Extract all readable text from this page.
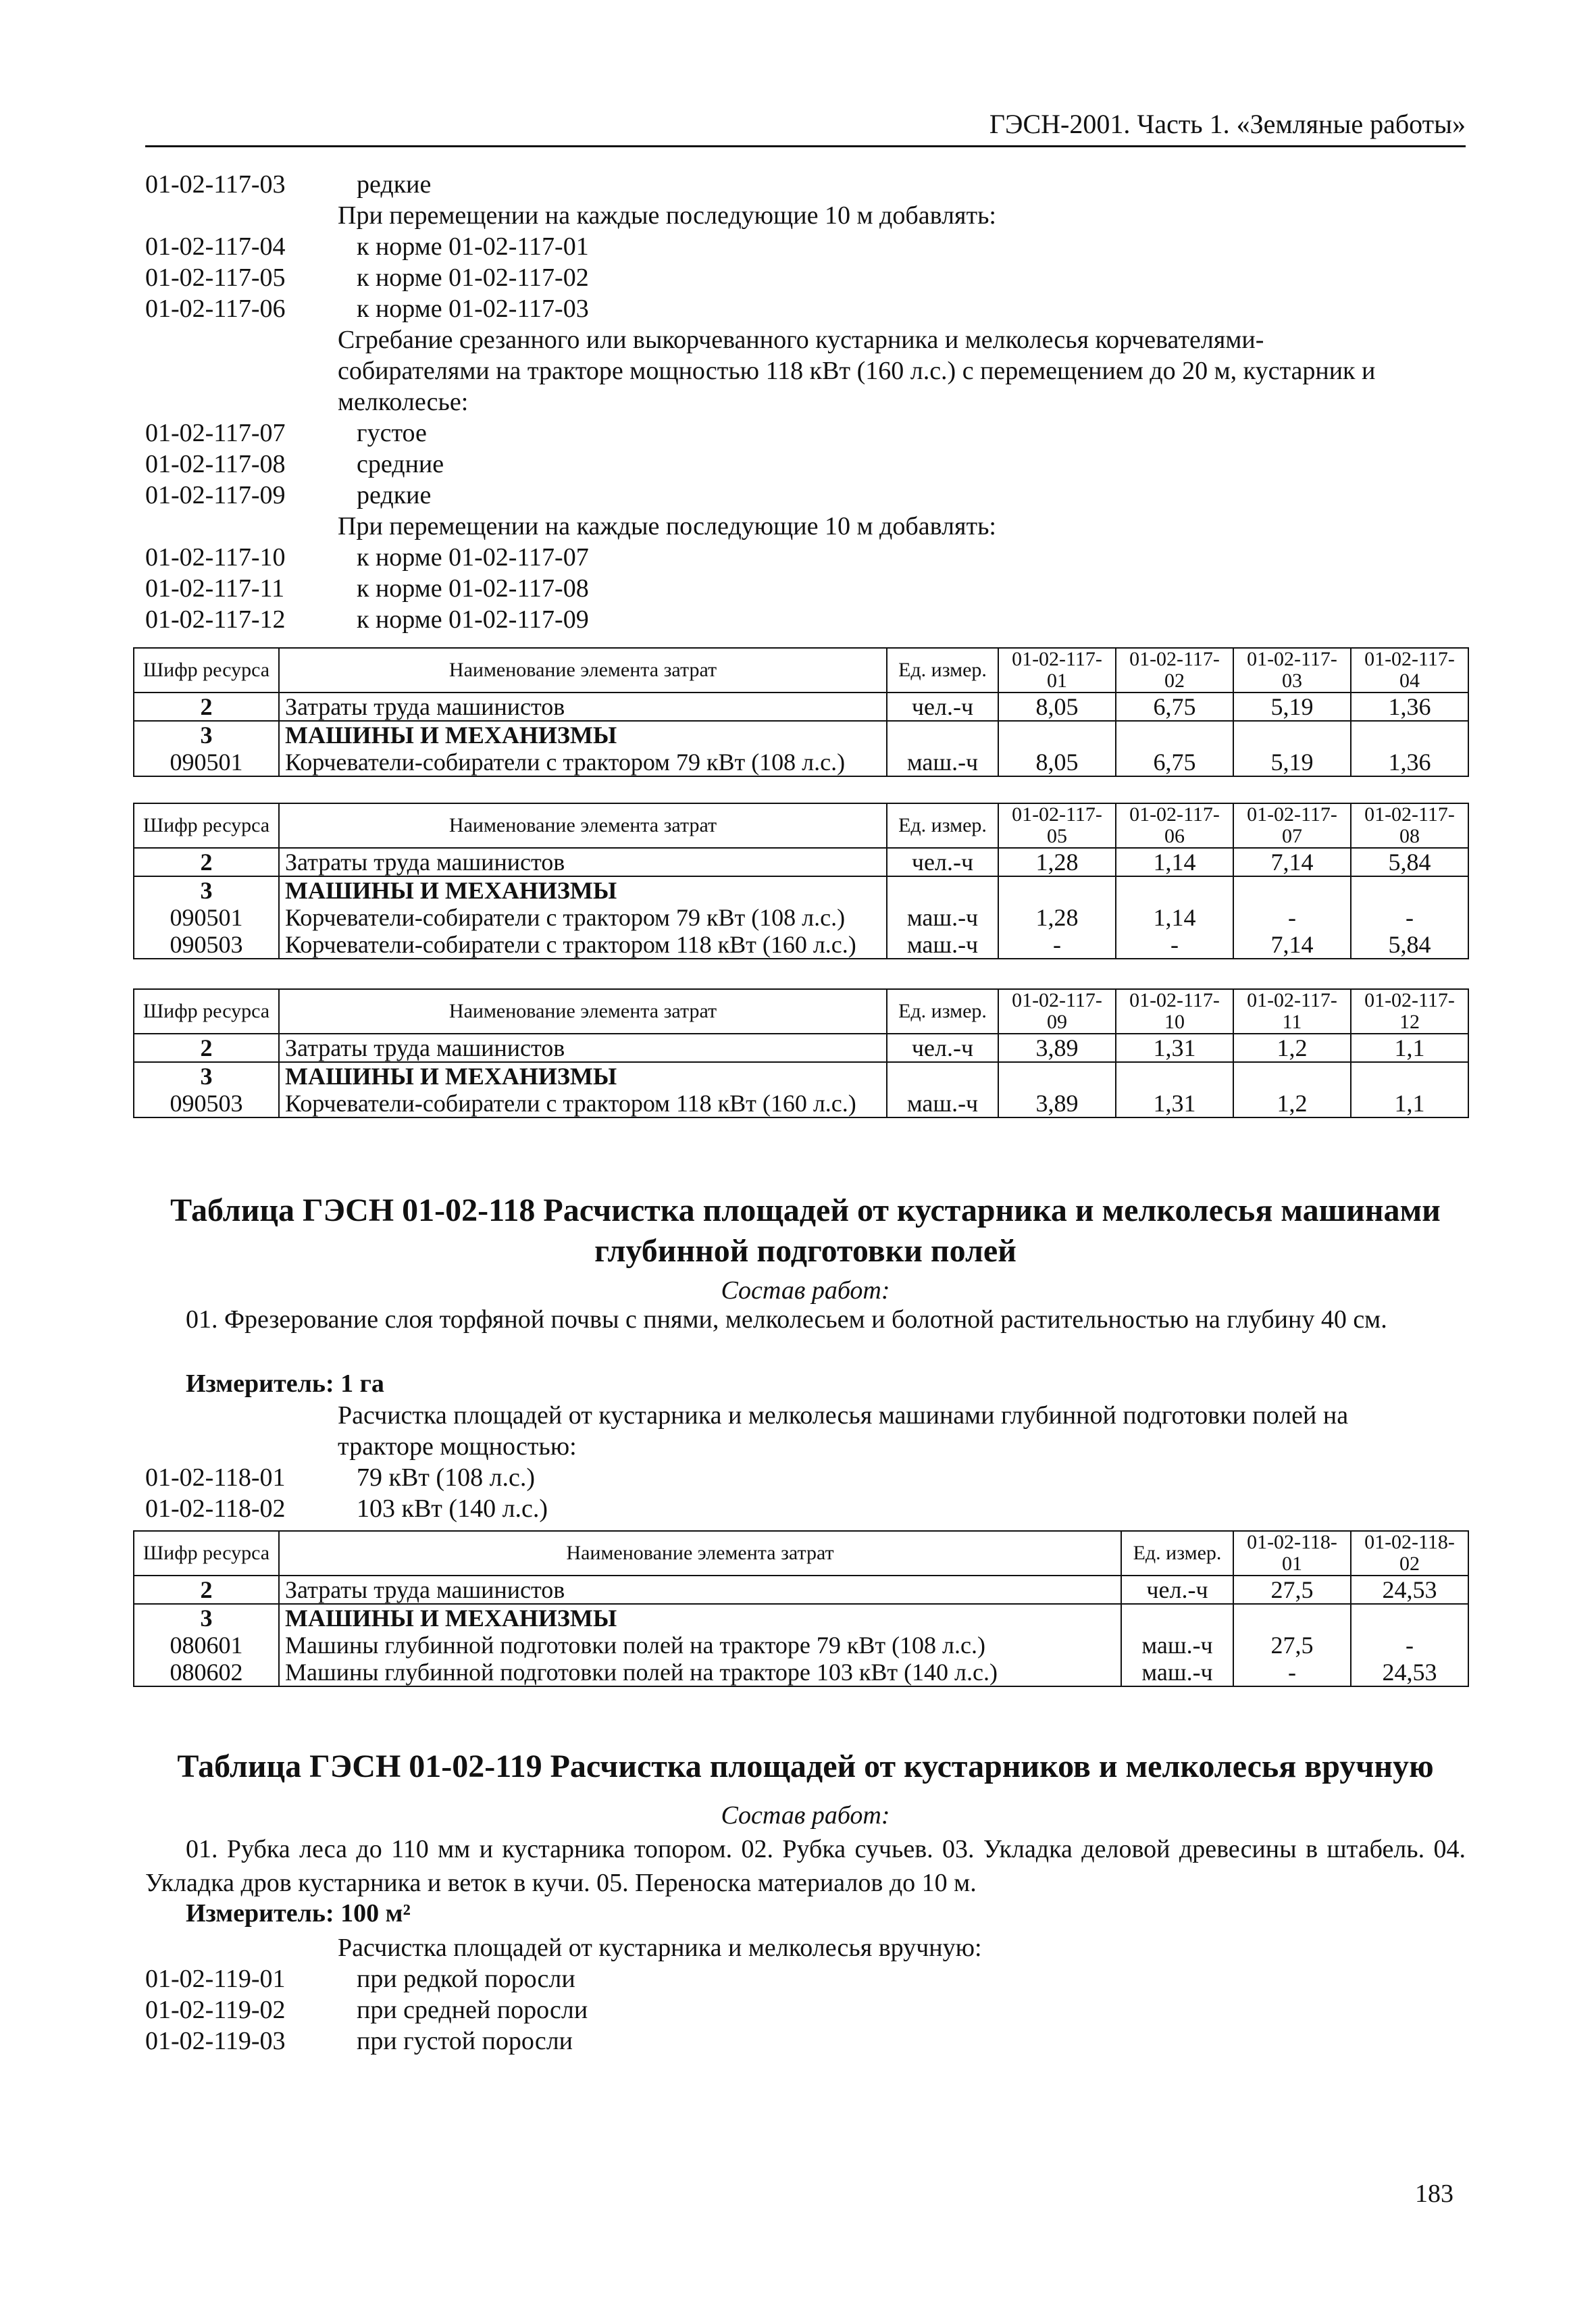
ГЭСН-2001. Часть 1. «Земляные работы»
01-02-117-03	редкие
При перемещении на каждые последующие 10 м добавлять:
01-02-117-04	к норме 01-02-117-01
01-02-117-05	к норме 01-02-117-02
01-02-117-06	к норме 01-02-117-03
Сгребание срезанного или выкорчеванного кустарника и мелколесья корчевателями-
собирателями на тракторе мощностью 118 кВт (160 л.с.) с перемещением до 20 м, кустарник и
мелколесье:
01-02-117-07	густое
01-02-117-08	средние
01-02-117-09	редкие
При перемещении на каждые последующие 10 м добавлять:
01-02-117-10	к норме 01-02-117-07
01-02-117-11	к норме 01-02-117-08
01-02-117-12	к норме 01-02-117-09
Шифр ресурса	Наименование элемента затрат	Ед. измер.	01-02-117-01	01-02-117-02	01-02-117-03	01-02-117-04
2	Затраты труда машинистов	чел.-ч	8,05	6,75	5,19	1,36
3	МАШИНЫ И МЕХАНИЗМЫ					
090501	Корчеватели-собиратели с трактором 79 кВт (108 л.с.)	маш.-ч	8,05	6,75	5,19	1,36
Шифр ресурса	Наименование элемента затрат	Ед. измер.	01-02-117-05	01-02-117-06	01-02-117-07	01-02-117-08
2	Затраты труда машинистов	чел.-ч	1,28	1,14	7,14	5,84
3	МАШИНЫ И МЕХАНИЗМЫ					
090501	Корчеватели-собиратели с трактором 79 кВт (108 л.с.)	маш.-ч	1,28	1,14	-	-
090503	Корчеватели-собиратели с трактором 118 кВт (160 л.с.)	маш.-ч	-	-	7,14	5,84
Шифр ресурса	Наименование элемента затрат	Ед. измер.	01-02-117-09	01-02-117-10	01-02-117-11	01-02-117-12
2	Затраты труда машинистов	чел.-ч	3,89	1,31	1,2	1,1
3	МАШИНЫ И МЕХАНИЗМЫ					
090503	Корчеватели-собиратели с трактором 118 кВт (160 л.с.)	маш.-ч	3,89	1,31	1,2	1,1
Таблица ГЭСН 01-02-118 Расчистка площадей от кустарника и мелколесья машинами
глубинной подготовки полей
Состав работ:
01. Фрезерование слоя торфяной почвы с пнями, мелколесьем и болотной растительностью на глубину 40 см.
Измеритель: 1 га
Расчистка площадей от кустарника и мелколесья машинами глубинной подготовки полей на
тракторе мощностью:
01-02-118-01	79 кВт (108 л.с.)
01-02-118-02	103 кВт (140 л.с.)
Шифр ресурса	Наименование элемента затрат	Ед. измер.	01-02-118-01	01-02-118-02
2	Затраты труда машинистов	чел.-ч	27,5	24,53
3	МАШИНЫ И МЕХАНИЗМЫ			
080601	Машины глубинной подготовки полей на тракторе 79 кВт (108 л.с.)	маш.-ч	27,5	-
080602	Машины глубинной подготовки полей на тракторе 103 кВт (140 л.с.)	маш.-ч	-	24,53
Таблица ГЭСН 01-02-119 Расчистка площадей от кустарников и мелколесья вручную
Состав работ:
01. Рубка леса до 110 мм и кустарника топором. 02. Рубка сучьев. 03. Укладка деловой древесины в штабель. 04. Укладка дров кустарника и веток в кучи. 05. Переноска материалов до 10 м.
Измеритель: 100 м²
Расчистка площадей от кустарника и мелколесья вручную:
01-02-119-01	при редкой поросли
01-02-119-02	при средней поросли
01-02-119-03	при густой поросли
183
